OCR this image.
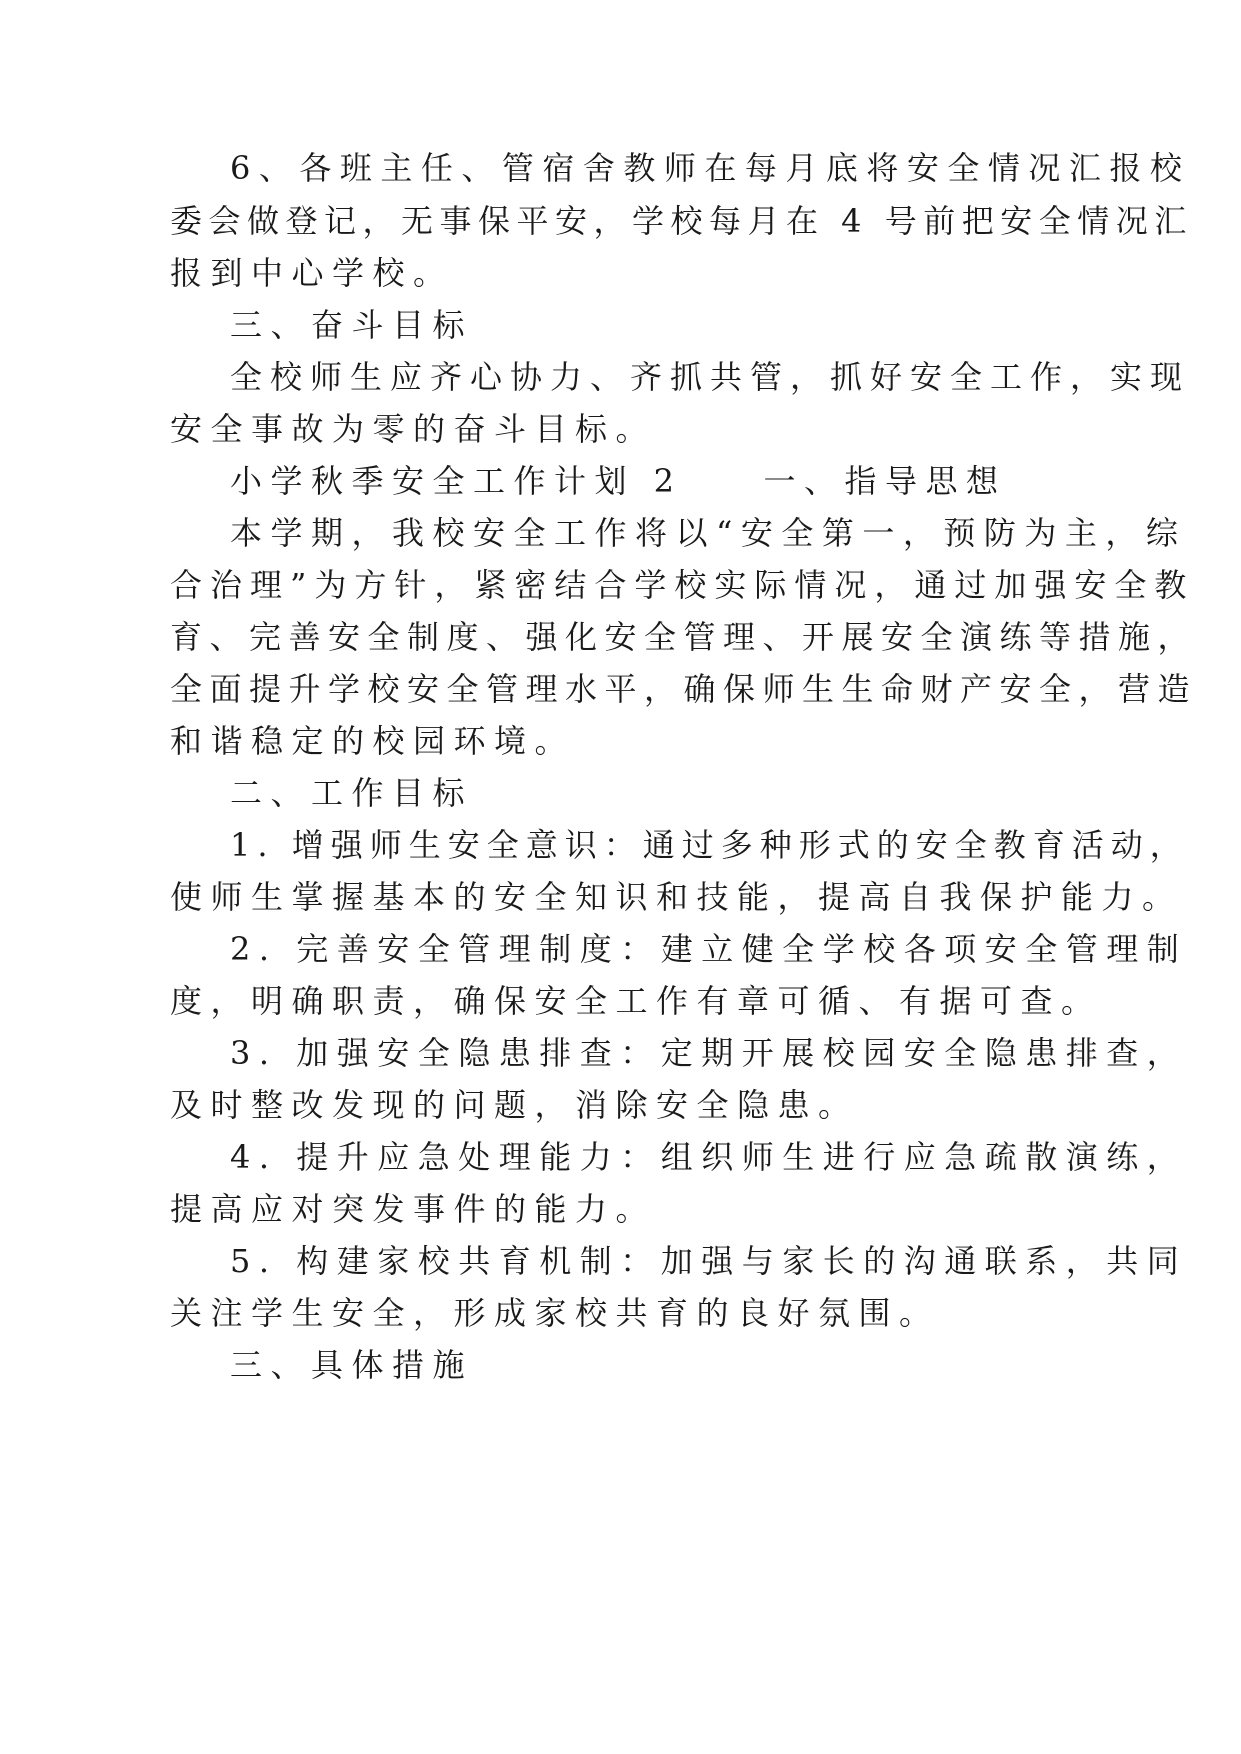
6、各班主任、管宿舍教师在每月底将安全情况汇报校
委会做登记，无事保平安，学校每月在 4 号前把安全情况汇
报到中心学校。
三、奋斗目标
全校师生应齐心协力、齐抓共管，抓好安全工作，实现
安全事故为零的奋斗目标。
小学秋季安全工作计划 2　　一、指导思想
本学期，我校安全工作将以“安全第一，预防为主，综
合治理”为方针，紧密结合学校实际情况，通过加强安全教
育、完善安全制度、强化安全管理、开展安全演练等措施，
全面提升学校安全管理水平，确保师生生命财产安全，营造
和谐稳定的校园环境。
二、工作目标
1. 增强师生安全意识：通过多种形式的安全教育活动，
使师生掌握基本的安全知识和技能，提高自我保护能力。
2. 完善安全管理制度：建立健全学校各项安全管理制
度，明确职责，确保安全工作有章可循、有据可查。
3. 加强安全隐患排查：定期开展校园安全隐患排查，
及时整改发现的问题，消除安全隐患。
4. 提升应急处理能力：组织师生进行应急疏散演练，
提高应对突发事件的能力。
5. 构建家校共育机制：加强与家长的沟通联系，共同
关注学生安全，形成家校共育的良好氛围。
三、具体措施
